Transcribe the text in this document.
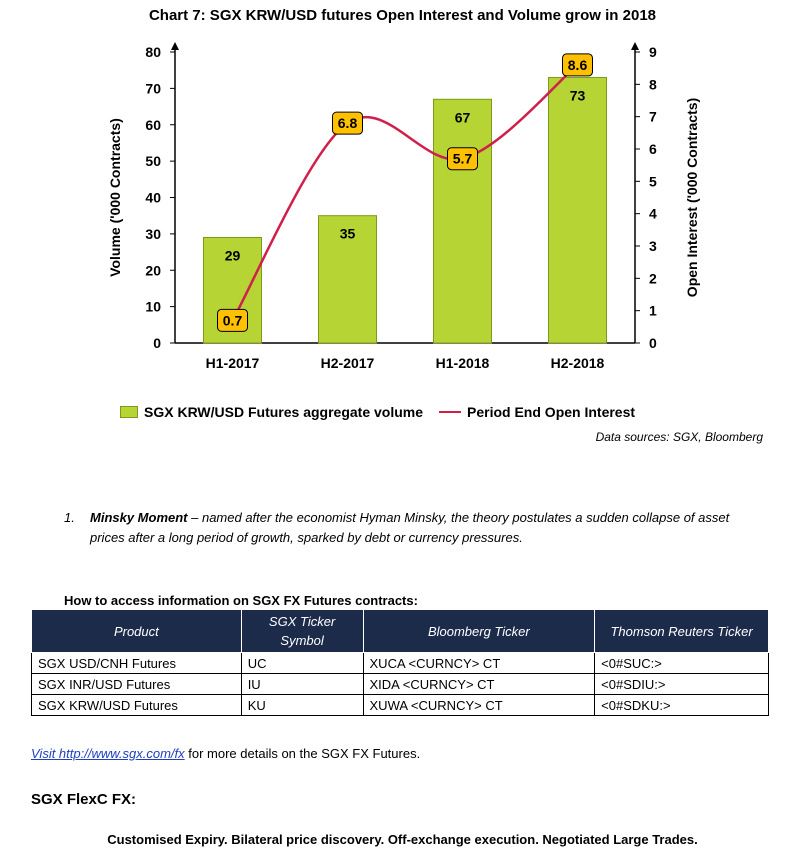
Chart 7: SGX KRW/USD futures Open Interest and Volume grow in 2018
0
10
20
30
40
50
60
70
80
0
1
2
3
4
5
6
7
8
9
Volume ('000 Contracts)	Open Interest ('000 Contracts)
29
35
67
73
H1-2017	H2-2017	H1-2018	H2-2018
0.7
6.8
5.7
8.6
SGX KRW/USD Futures aggregate volume	Period End Open Interest
Data sources: SGX, Bloomberg
1. Minsky Moment – named after the economist Hyman Minsky, the theory postulates a sudden collapse of asset prices after a long period of growth, sparked by debt or currency pressures.
How to access information on SGX FX Futures contracts:
Product	SGX Ticker Symbol	Bloomberg Ticker	Thomson Reuters Ticker
SGX USD/CNH Futures	UC	XUCA <CURNCY> CT	<0#SUC:>
SGX INR/USD Futures	IU	XIDA <CURNCY> CT	<0#SDIU:>
SGX KRW/USD Futures	KU	XUWA <CURNCY> CT	<0#SDKU:>
Visit http://www.sgx.com/fx for more details on the SGX FX Futures.
SGX FlexC FX:
Customised Expiry. Bilateral price discovery. Off-exchange execution. Negotiated Large Trades.
